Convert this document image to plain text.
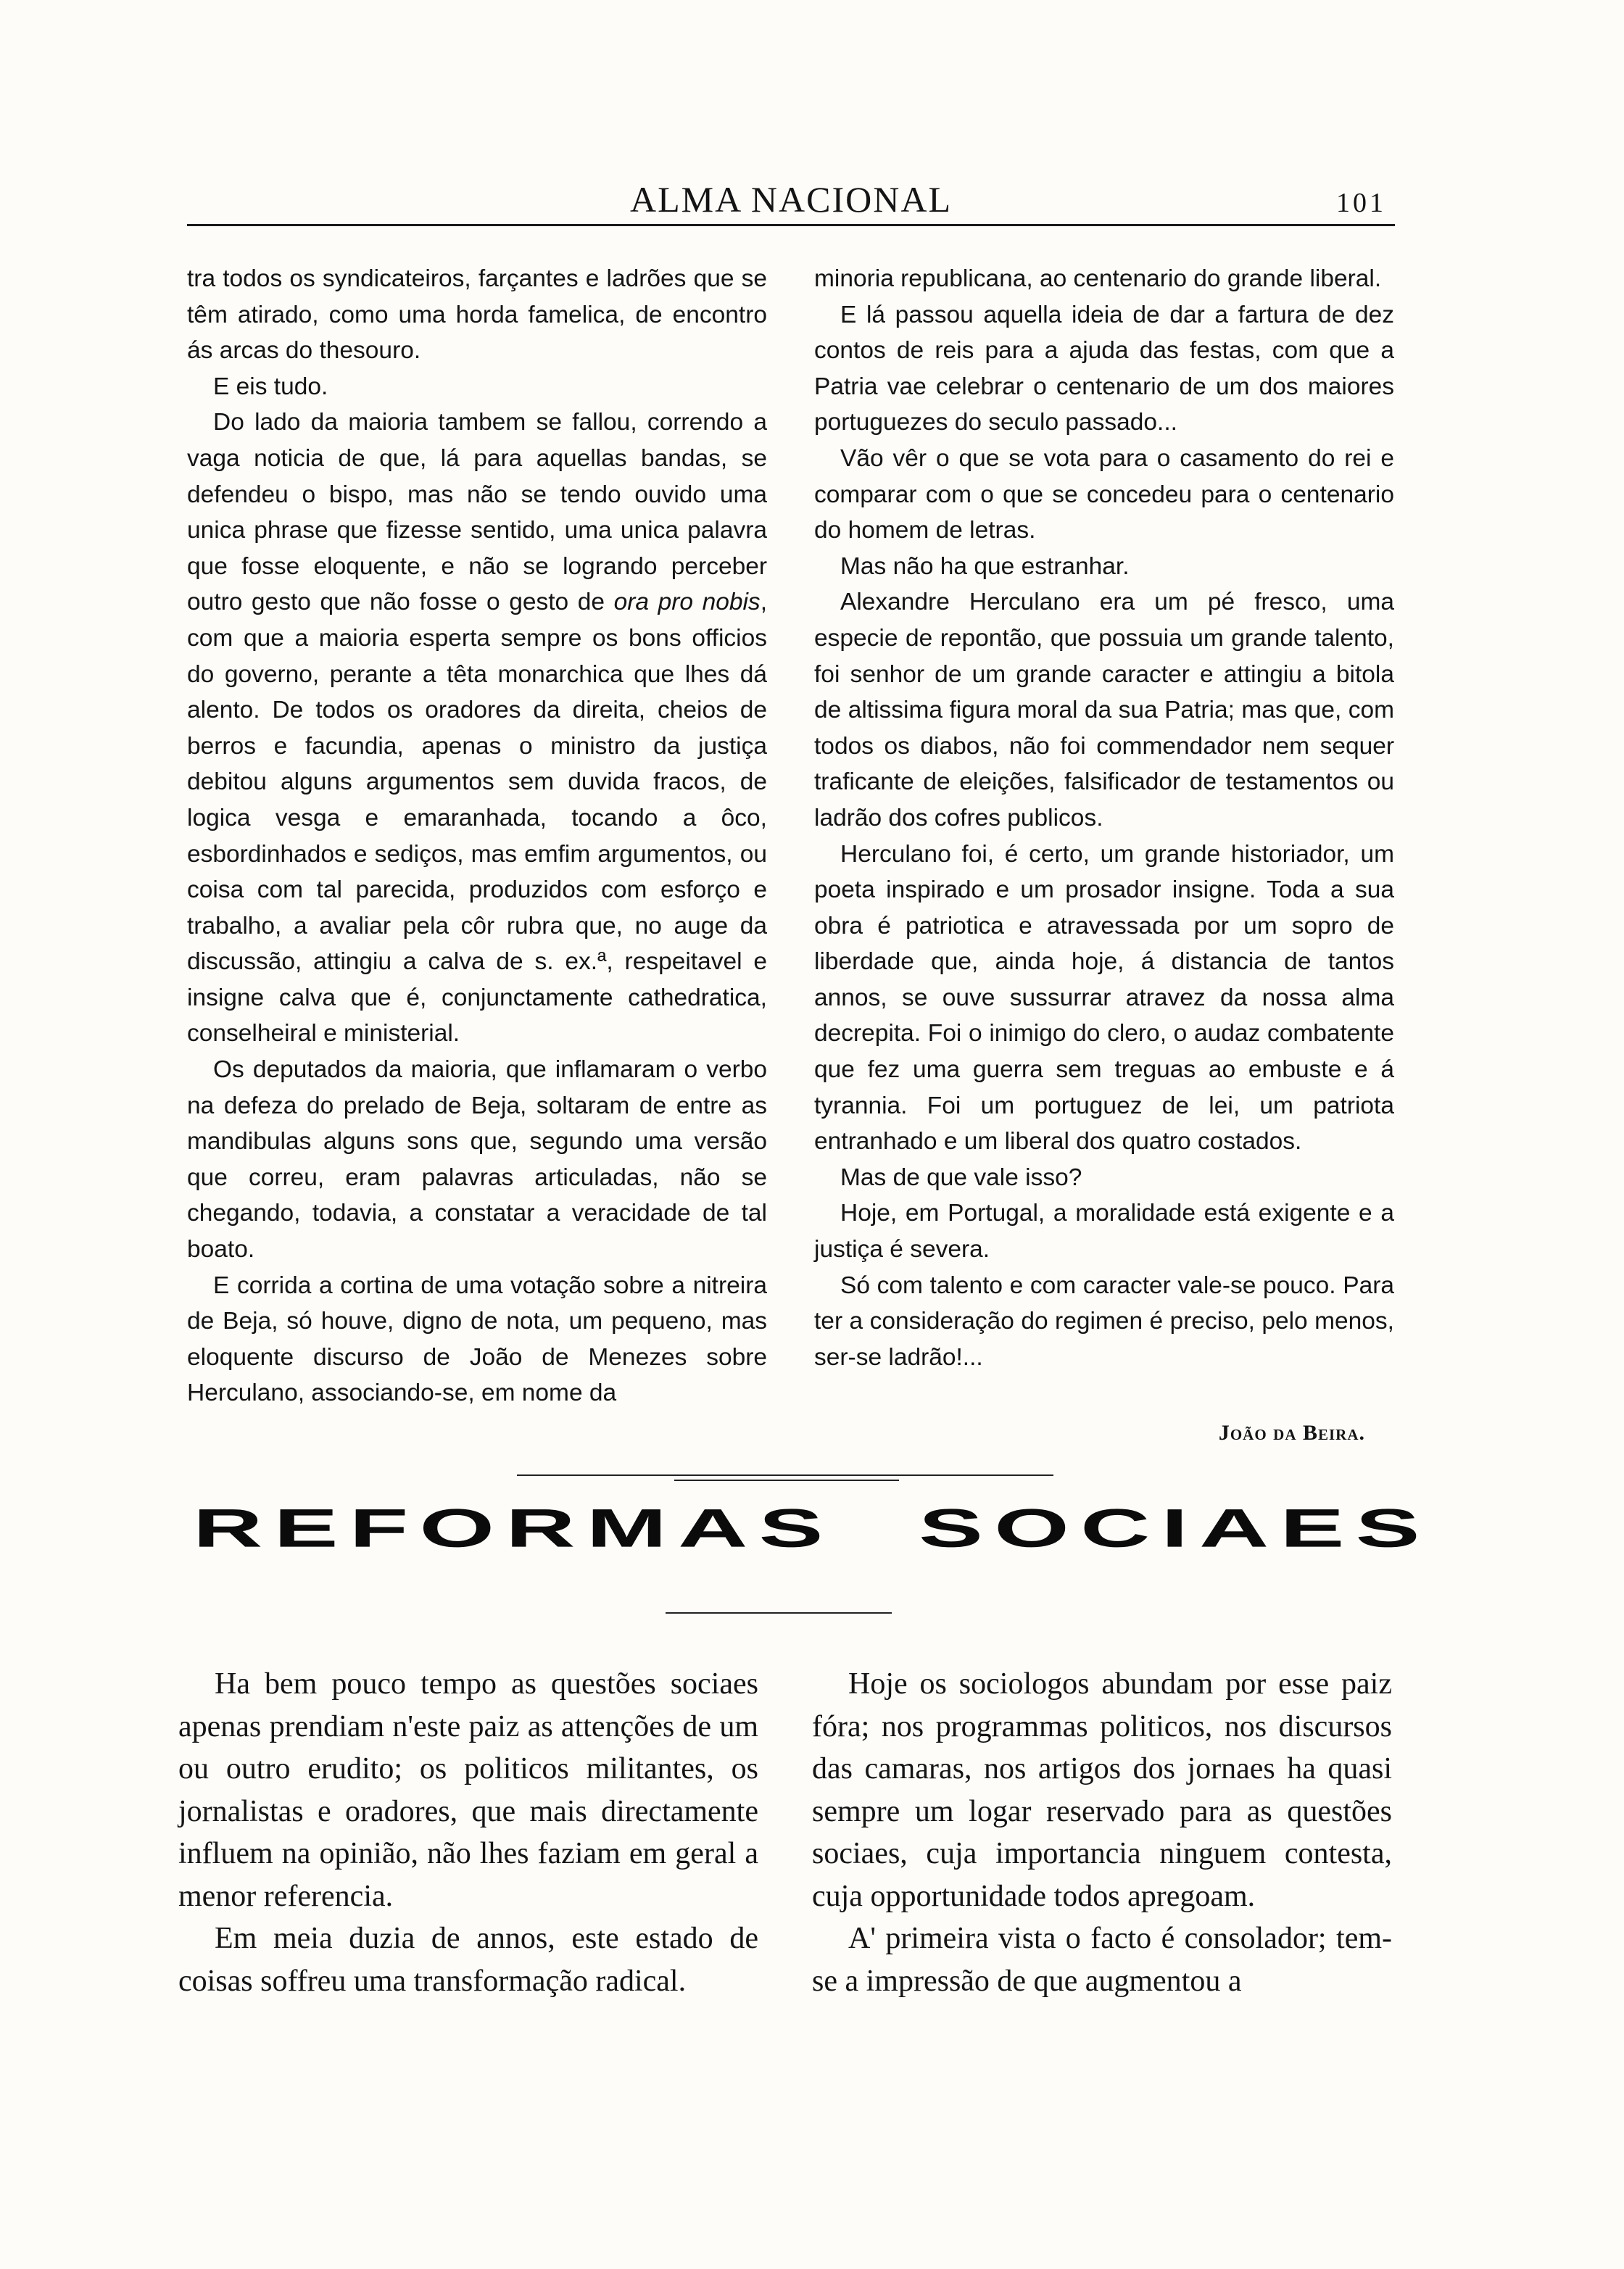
ALMA NACIONAL	101

tra todos os syndicateiros, farçantes e ladrões que se têm atirado, como uma horda famelica, de encontro ás arcas do thesouro.

E eis tudo.

Do lado da maioria tambem se fallou, correndo a vaga noticia de que, lá para aquellas bandas, se defendeu o bispo, mas não se tendo ouvido uma unica phrase que fizesse sentido, uma unica palavra que fosse eloquente, e não se logrando perceber outro gesto que não fosse o gesto de ora pro nobis, com que a maioria esperta sempre os bons officios do governo, perante a têta monarchica que lhes dá alento. De todos os oradores da direita, cheios de berros e facundia, apenas o ministro da justiça debitou alguns argumentos sem duvida fracos, de logica vesga e emaranhada, tocando a ôco, esbordinhados e sediços, mas emfim argumentos, ou coisa com tal parecida, produzidos com esforço e trabalho, a avaliar pela côr rubra que, no auge da discussão, attingiu a calva de s. ex.ª, respeitavel e insigne calva que é, conjunctamente cathedratica, conselheiral e ministerial.

Os deputados da maioria, que inflamaram o verbo na defeza do prelado de Beja, soltaram de entre as mandibulas alguns sons que, segundo uma versão que correu, eram palavras articuladas, não se chegando, todavia, a constatar a veracidade de tal boato.

E corrida a cortina de uma votação sobre a nitreira de Beja, só houve, digno de nota, um pequeno, mas eloquente discurso de João de Menezes sobre Herculano, associando-se, em nome da

minoria republicana, ao centenario do grande liberal.

E lá passou aquella ideia de dar a fartura de dez contos de reis para a ajuda das festas, com que a Patria vae celebrar o centenario de um dos maiores portuguezes do seculo passado...

Vão vêr o que se vota para o casamento do rei e comparar com o que se concedeu para o centenario do homem de letras.

Mas não ha que estranhar.

Alexandre Herculano era um pé fresco, uma especie de repontão, que possuia um grande talento, foi senhor de um grande caracter e attingiu a bitola de altissima figura moral da sua Patria; mas que, com todos os diabos, não foi commendador nem sequer traficante de eleições, falsificador de testamentos ou ladrão dos cofres publicos.

Herculano foi, é certo, um grande historiador, um poeta inspirado e um prosador insigne. Toda a sua obra é patriotica e atravessada por um sopro de liberdade que, ainda hoje, á distancia de tantos annos, se ouve sussurrar atravez da nossa alma decrepita. Foi o inimigo do clero, o audaz combatente que fez uma guerra sem treguas ao embuste e á tyrannia. Foi um portuguez de lei, um patriota entranhado e um liberal dos quatro costados.

Mas de que vale isso?

Hoje, em Portugal, a moralidade está exigente e a justiça é severa.

Só com talento e com caracter vale-se pouco. Para ter a consideração do regimen é preciso, pelo menos, ser-se ladrão!...

João da Beira.
REFORMAS SOCIAES

Ha bem pouco tempo as questões sociaes apenas prendiam n'este paiz as attenções de um ou outro erudito; os politicos militantes, os jornalistas e oradores, que mais directamente influem na opinião, não lhes faziam em geral a menor referencia.

Em meia duzia de annos, este estado de coisas soffreu uma transformação radical.

Hoje os sociologos abundam por esse paiz fóra; nos programmas politicos, nos discursos das camaras, nos artigos dos jornaes ha quasi sempre um logar reservado para as questões sociaes, cuja importancia ninguem contesta, cuja opportunidade todos apregoam.

A' primeira vista o facto é consolador; tem-se a impressão de que augmentou a
